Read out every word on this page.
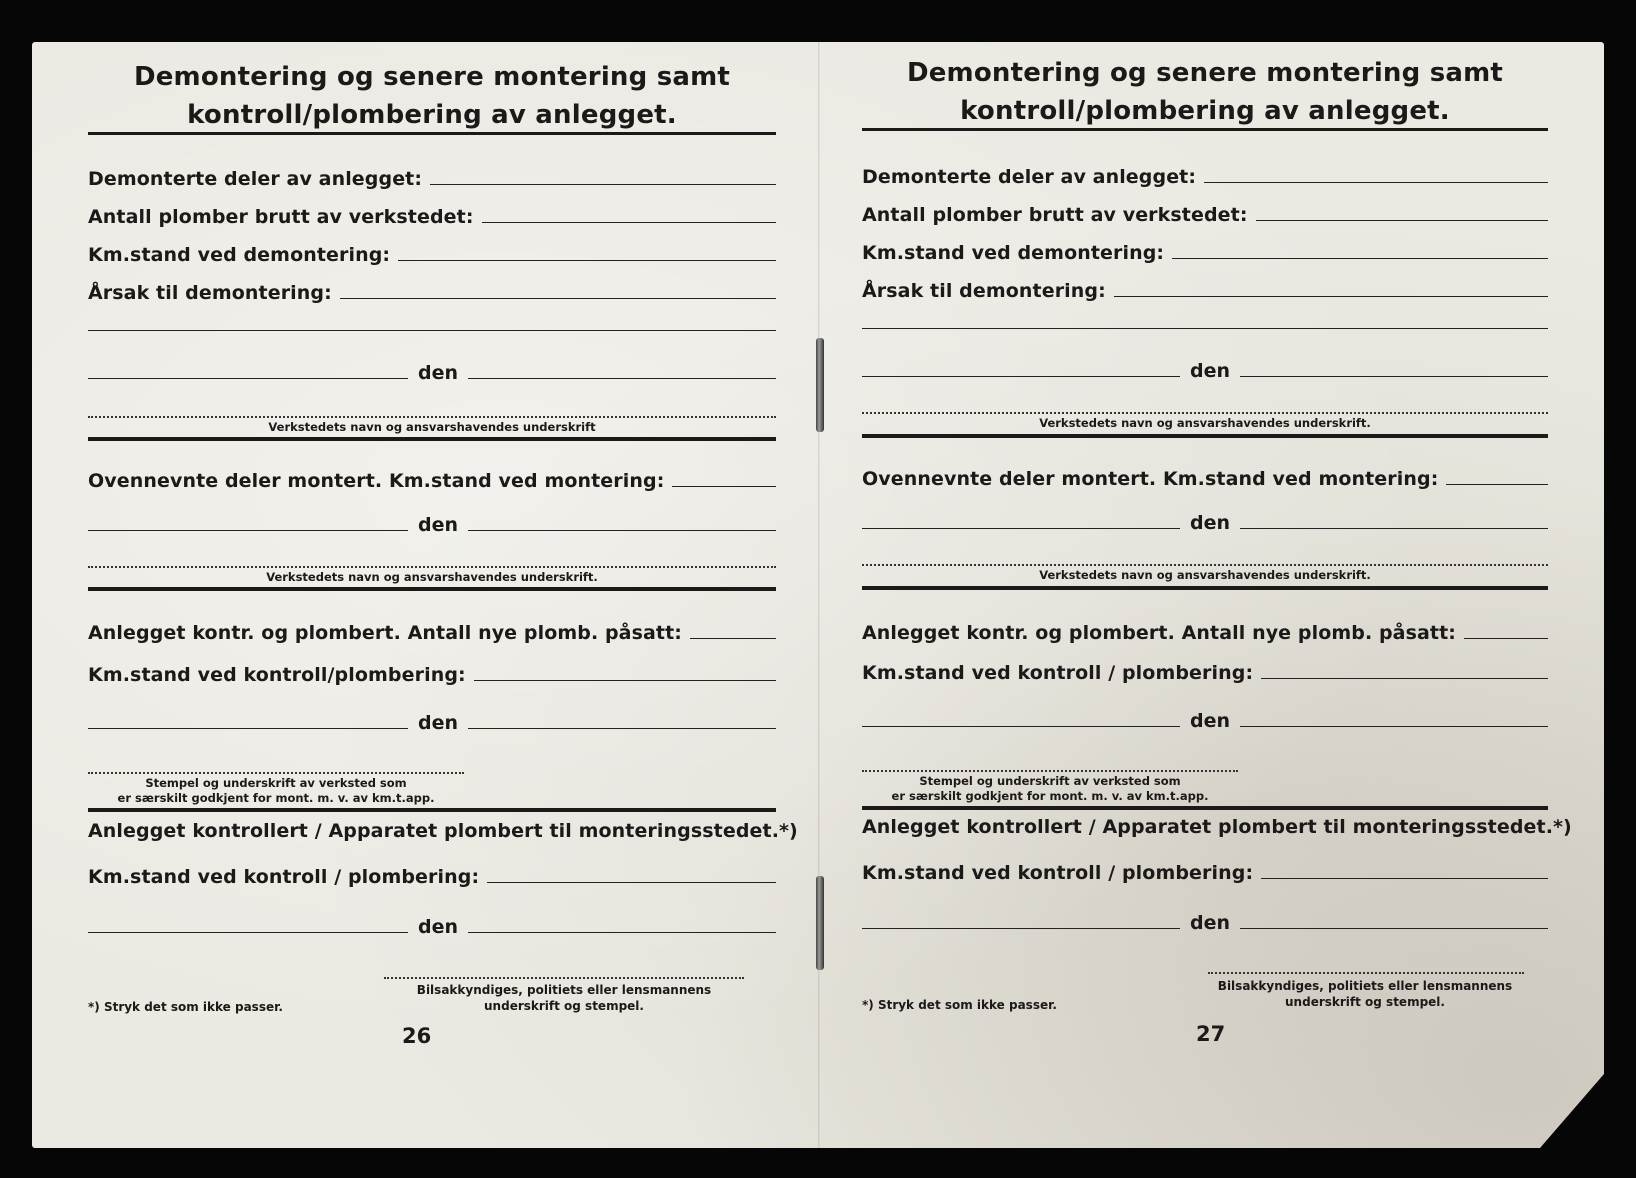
Demontering og senere montering samt
kontroll/plombering av anlegget.
Demonterte deler av anlegget:
Antall plomber brutt av verkstedet:
Km.stand ved demontering:
Årsak til demontering:
den
Verkstedets navn og ansvarshavendes underskrift
Ovennevnte deler montert. Km.stand ved montering:
den
Verkstedets navn og ansvarshavendes underskrift.
Anlegget kontr. og plombert. Antall nye plomb. påsatt:
Km.stand ved kontroll/plombering:
den
Stempel og underskrift av verksted som
er særskilt godkjent for mont. m. v. av km.t.app.
Anlegget kontrollert / Apparatet plombert til monteringsstedet.*)
Km.stand ved kontroll / plombering:
den
Bilsakkyndiges, politiets eller lensmannens
underskrift og stempel.
*) Stryk det som ikke passer.
26
Demontering og senere montering samt
kontroll/plombering av anlegget.
Demonterte deler av anlegget:
Antall plomber brutt av verkstedet:
Km.stand ved demontering:
Årsak til demontering:
den
Verkstedets navn og ansvarshavendes underskrift.
Ovennevnte deler montert. Km.stand ved montering:
den
Verkstedets navn og ansvarshavendes underskrift.
Anlegget kontr. og plombert. Antall nye plomb. påsatt:
Km.stand ved kontroll / plombering:
den
Stempel og underskrift av verksted som
er særskilt godkjent for mont. m. v. av km.t.app.
Anlegget kontrollert / Apparatet plombert til monteringsstedet.*)
Km.stand ved kontroll / plombering:
den
Bilsakkyndiges, politiets eller lensmannens
underskrift og stempel.
*) Stryk det som ikke passer.
27
